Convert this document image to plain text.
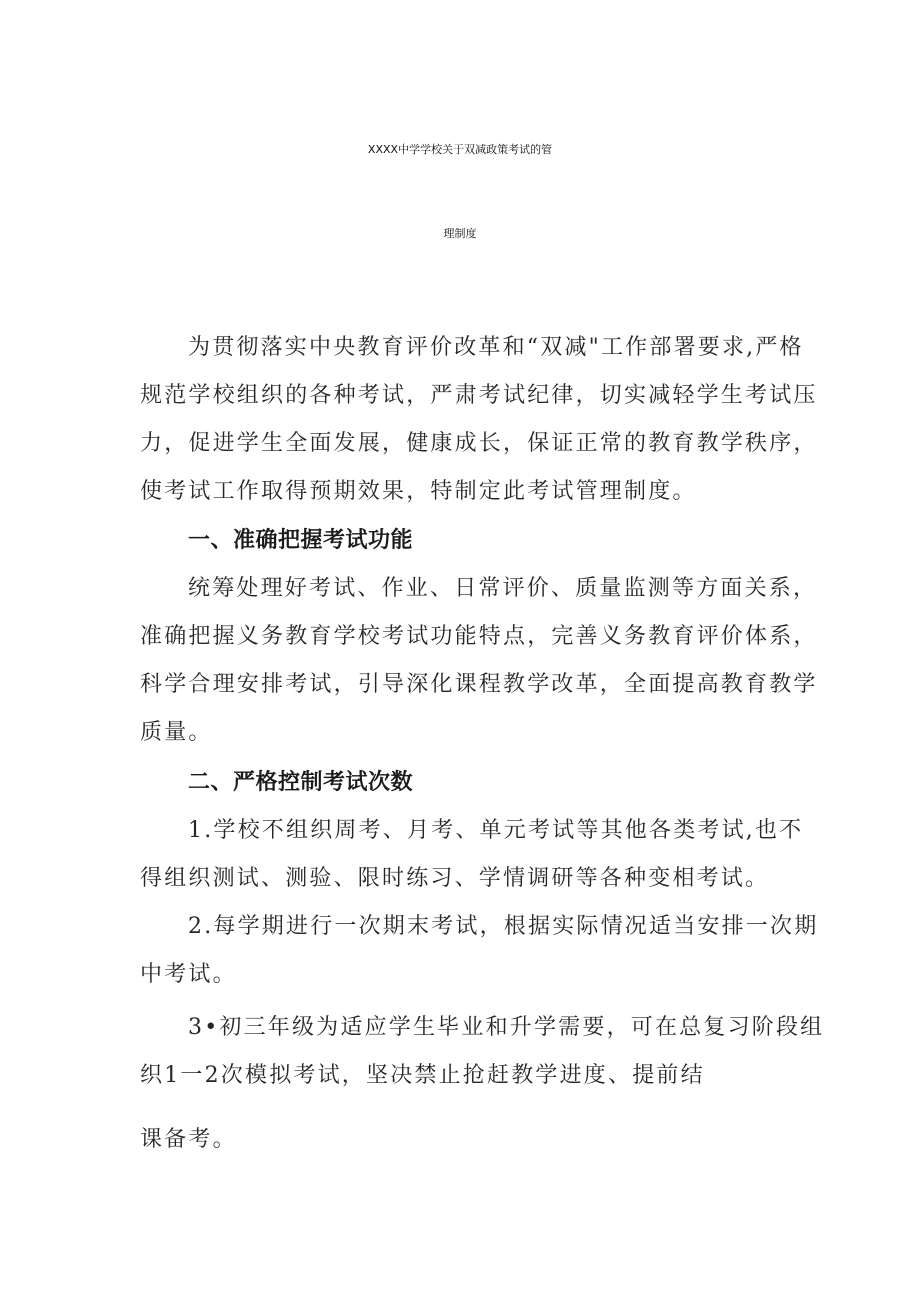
XXXX中学学校关于双减政策考试的管
理制度

为贯彻落实中央教育评价改革和“双减"工作部署要求,严格

规范学校组织的各种考试，严肃考试纪律，切实减轻学生考试压

力，促进学生全面发展，健康成长，保证正常的教育教学秩序，

使考试工作取得预期效果，特制定此考试管理制度。

一、准确把握考试功能

统筹处理好考试、作业、日常评价、质量监测等方面关系，

准确把握义务教育学校考试功能特点，完善义务教育评价体系，

科学合理安排考试，引导深化课程教学改革，全面提高教育教学

质量。

二、严格控制考试次数

1.学校不组织周考、月考、单元考试等其他各类考试,也不

得组织测试、测验、限时练习、学情调研等各种变相考试。

2.每学期进行一次期末考试，根据实际情况适当安排一次期

中考试。

3•初三年级为适应学生毕业和升学需要，可在总复习阶段组

织1一2次模拟考试，坚决禁止抢赶教学进度、提前结

课备考。
